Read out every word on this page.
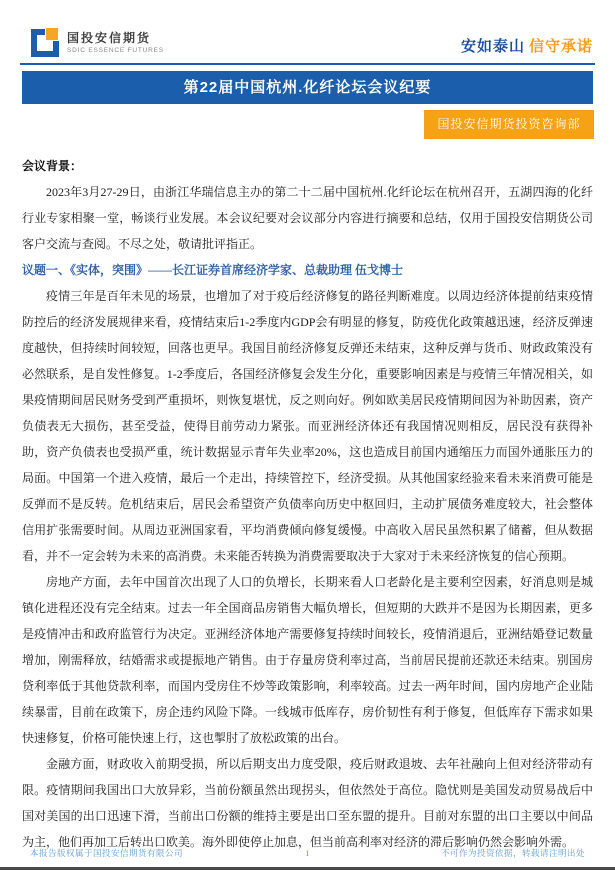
国投安信期货
SDIC ESSENCE FUTURES	安如泰山 信守承诺
第22届中国杭州.化纤论坛会议纪要
国投安信期货投资咨询部
会议背景：

2023年3月27-29日，由浙江华瑞信息主办的第二十二届中国杭州.化纤论坛在杭州召开，五湖四海的化纤行业专家相聚一堂，畅谈行业发展。本会议纪要对会议部分内容进行摘要和总结，仅用于国投安信期货公司客户交流与查阅。不尽之处，敬请批评指正。

议题一、《实体，突围》——长江证券首席经济学家、总裁助理 伍戈博士

疫情三年是百年未见的场景，也增加了对于疫后经济修复的路径判断难度。以周边经济体提前结束疫情防控后的经济发展规律来看，疫情结束后1-2季度内GDP会有明显的修复，防疫优化政策越迅速，经济反弹速度越快，但持续时间较短，回落也更早。我国目前经济修复反弹还未结束，这种反弹与货币、财政政策没有必然联系，是自发性修复。1-2季度后，各国经济修复会发生分化，重要影响因素是与疫情三年情况相关，如果疫情期间居民财务受到严重损坏，则恢复堪忧，反之则向好。例如欧美居民疫情期间因为补助因素，资产负债表无大损伤，甚至受益，使得目前劳动力紧张。而亚洲经济体还有我国情况则相反，居民没有获得补助，资产负债表也受损严重，统计数据显示青年失业率20%，这也造成目前国内通缩压力而国外通胀压力的局面。中国第一个进入疫情，最后一个走出，持续管控下，经济受损。从其他国家经验来看未来消费可能是反弹而不是反转。危机结束后，居民会希望资产负债率向历史中枢回归，主动扩展债务难度较大，社会整体信用扩张需要时间。从周边亚洲国家看，平均消费倾向修复缓慢。中高收入居民虽然积累了储蓄，但从数据看，并不一定会转为未来的高消费。未来能否转换为消费需要取决于大家对于未来经济恢复的信心预期。

房地产方面，去年中国首次出现了人口的负增长，长期来看人口老龄化是主要利空因素，好消息则是城镇化进程还没有完全结束。过去一年全国商品房销售大幅负增长，但短期的大跌并不是因为长期因素，更多是疫情冲击和政府监管行为决定。亚洲经济体地产需要修复持续时间较长，疫情消退后，亚洲结婚登记数量增加，刚需释放，结婚需求或提振地产销售。由于存量房贷利率过高，当前居民提前还款还未结束。别国房贷利率低于其他贷款利率，而国内受房住不炒等政策影响，利率较高。过去一两年时间，国内房地产企业陆续暴雷，目前在政策下，房企违约风险下降。一线城市低库存，房价韧性有利于修复，但低库存下需求如果快速修复，价格可能快速上行，这也掣肘了放松政策的出台。

金融方面，财政收入前期受损，所以后期支出力度受限，疫后财政退坡、去年社融向上但对经济带动有限。疫情期间我国出口大放异彩，当前份额虽然出现拐头，但依然处于高位。隐忧则是美国发动贸易战后中国对美国的出口迅速下滑，当前出口份额的维持主要是出口至东盟的提升。目前对东盟的出口主要以中间品为主，他们再加工后转出口欧美。海外即使停止加息，但当前高利率对经济的滞后影响仍然会影响外需。

本报告版权属于国投安信期货有限公司	1	不可作为投资依据，转载请注明出处
